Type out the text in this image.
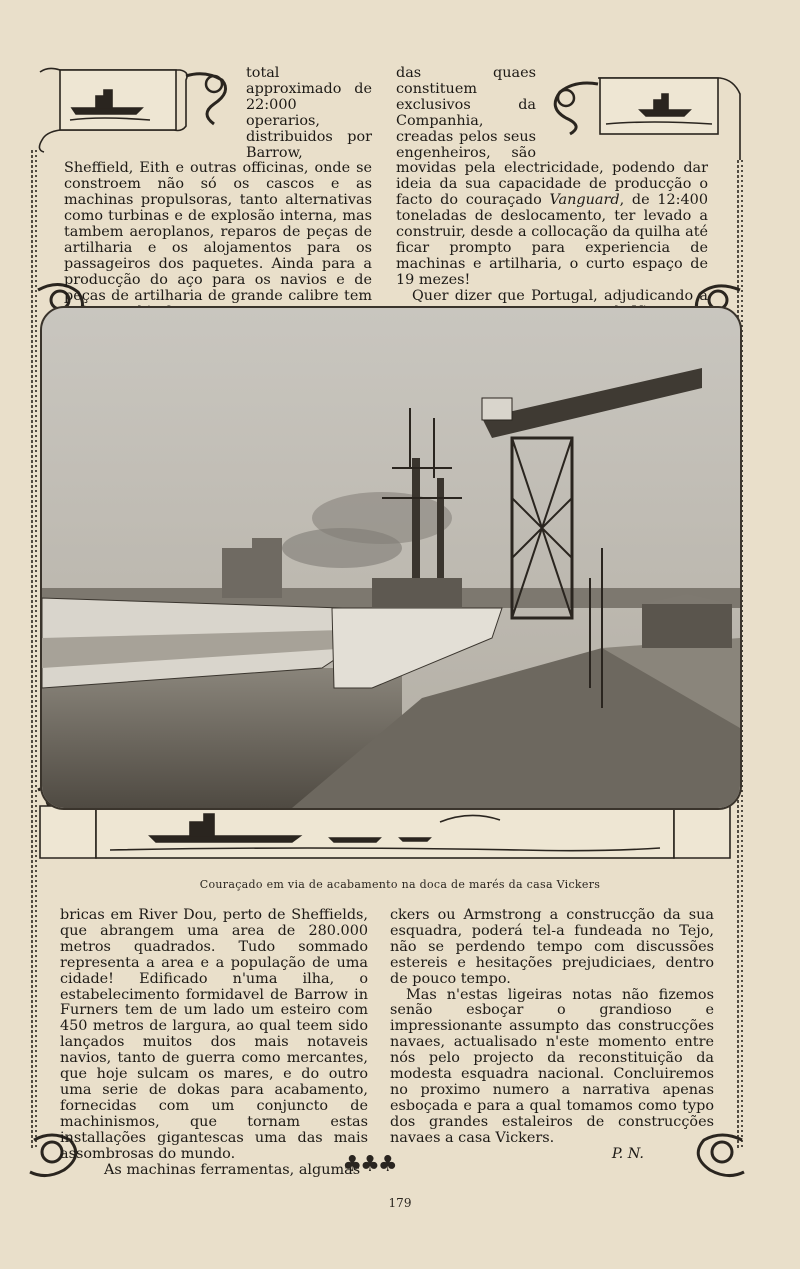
total approximado de 22:000 operarios, distribuidos por Barrow, Sheffield, Eith e outras officinas, onde se constroem não só os cascos e as machinas propulsoras, tanto alternativas como turbinas e de explosão interna, mas tambem aeroplanos, reparos de peças de artilharia e os alojamentos para os passageiros dos paquetes. Ainda para a producção do aço para os navios e de peças de artilharia de grande calibre tem

das quaes constituem exclusivos da Companhia, creadas pelos seus engenheiros, são movidas pela electricidade, podendo dar ideia da sua capacidade de producção o facto do couraçado Vanguard, de 12:400 toneladas de deslocamento, ter levado a construir, desde a collocação da quilha até ficar prompto para experiencia de machinas e artilharia, o curto espaço de 19 mezes!

Quer dizer que Portugal, adjudicando a

Couraçado em via de acabamento na doca de marés da casa Vickers

bricas em River Dou, perto de Sheffields, que abrangem uma area de 280.000 metros quadrados. Tudo sommado representa a area e a população de uma cidade! Edificado n'uma ilha, o estabelecimento formidavel de Barrow in Furners tem de um lado um esteiro com 450 metros de largura, ao qual teem sido lançados muitos dos mais notaveis navios, tanto de guerra como mercantes, que hoje sulcam os mares, e do outro uma serie de dokas para acabamento, fornecidas com um conjuncto de machinismos, que tornam estas installações gigantescas uma das mais assombrosas do mundo.

As machinas ferramentas, algumas

ckers ou Armstrong a construcção da sua esquadra, poderá tel-a fundeada no Tejo, não se perdendo tempo com discussões estereis e hesitações prejudiciaes, dentro de pouco tempo.

Mas n'estas ligeiras notas não fizemos senão esboçar o grandioso e impressionante assumpto das construcções navaes, actualisado n'este momento entre nós pelo projecto da reconstituição da modesta esquadra nacional. Concluiremos no proximo numero a narrativa apenas esboçada e para a qual tomamos como typo dos grandes estaleiros de construcções navaes a casa Vickers.

P. N.

♣♣♣
179
